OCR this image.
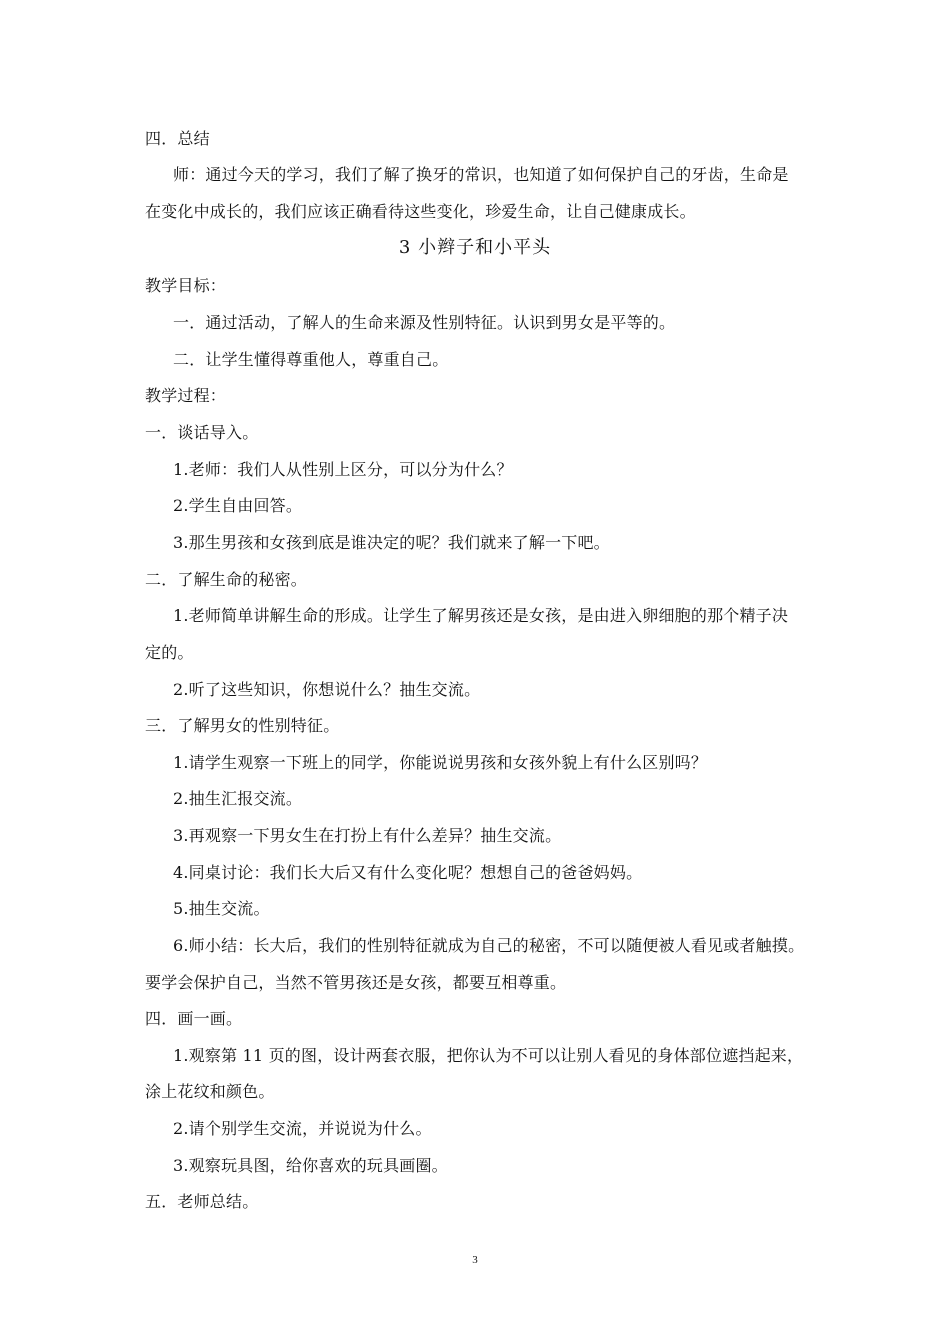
四．总结
师：通过今天的学习，我们了解了换牙的常识，也知道了如何保护自己的牙齿，生命是
在变化中成长的，我们应该正确看待这些变化，珍爱生命，让自己健康成长。
3 小辫子和小平头
教学目标：
一．通过活动，了解人的生命来源及性别特征。认识到男女是平等的。
二．让学生懂得尊重他人，尊重自己。
教学过程：
一．谈话导入。
1.老师：我们人从性别上区分，可以分为什么？
2.学生自由回答。
3.那生男孩和女孩到底是谁决定的呢？我们就来了解一下吧。
二．了解生命的秘密。
1.老师简单讲解生命的形成。让学生了解男孩还是女孩，是由进入卵细胞的那个精子决
定的。
2.听了这些知识，你想说什么？抽生交流。
三．了解男女的性别特征。
1.请学生观察一下班上的同学，你能说说男孩和女孩外貌上有什么区别吗？
2.抽生汇报交流。
3.再观察一下男女生在打扮上有什么差异？抽生交流。
4.同桌讨论：我们长大后又有什么变化呢？想想自己的爸爸妈妈。
5.抽生交流。
6.师小结：长大后，我们的性别特征就成为自己的秘密，不可以随便被人看见或者触摸。
要学会保护自己，当然不管男孩还是女孩，都要互相尊重。
四．画一画。
1.观察第 11 页的图，设计两套衣服，把你认为不可以让别人看见的身体部位遮挡起来，
涂上花纹和颜色。
2.请个别学生交流，并说说为什么。
3.观察玩具图，给你喜欢的玩具画圈。
五．老师总结。
3
